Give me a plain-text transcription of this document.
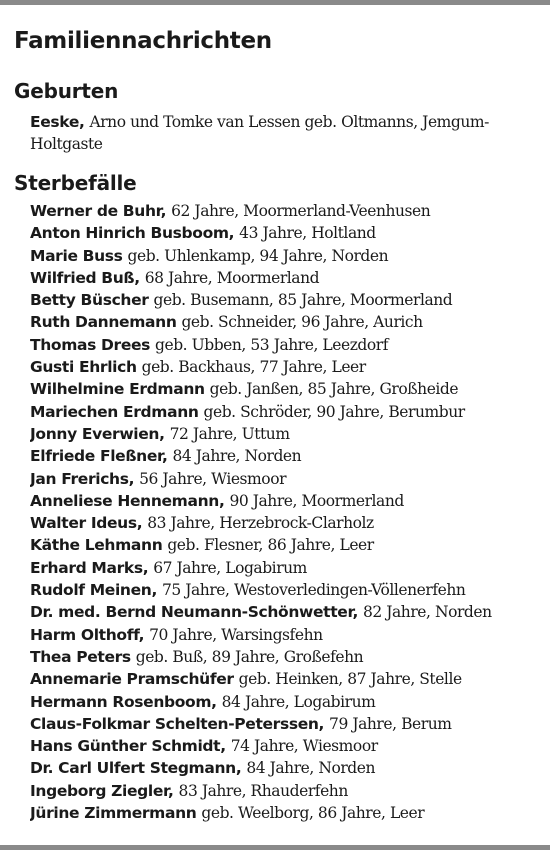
Familiennachrichten
Geburten
Eeske, Arno und Tomke van Lessen geb. Oltmanns, Jemgum-Holtgaste
Sterbefälle
Werner de Buhr, 62 Jahre, Moormerland-Veenhusen
Anton Hinrich Busboom, 43 Jahre, Holtland
Marie Buss geb. Uhlenkamp, 94 Jahre, Norden
Wilfried Buß, 68 Jahre, Moormerland
Betty Büscher geb. Busemann, 85 Jahre, Moormerland
Ruth Dannemann geb. Schneider, 96 Jahre, Aurich
Thomas Drees geb. Ubben, 53 Jahre, Leezdorf
Gusti Ehrlich geb. Backhaus, 77 Jahre, Leer
Wilhelmine Erdmann geb. Janßen, 85 Jahre, Großheide
Mariechen Erdmann geb. Schröder, 90 Jahre, Berumbur
Jonny Everwien, 72 Jahre, Uttum
Elfriede Fleßner, 84 Jahre, Norden
Jan Frerichs, 56 Jahre, Wiesmoor
Anneliese Hennemann, 90 Jahre, Moormerland
Walter Ideus, 83 Jahre, Herzebrock-Clarholz
Käthe Lehmann geb. Flesner, 86 Jahre, Leer
Erhard Marks, 67 Jahre, Logabirum
Rudolf Meinen, 75 Jahre, Westoverledingen-Völlenerfehn
Dr. med. Bernd Neumann-Schönwetter, 82 Jahre, Norden
Harm Olthoff, 70 Jahre, Warsingsfehn
Thea Peters geb. Buß, 89 Jahre, Großefehn
Annemarie Pramschüfer geb. Heinken, 87 Jahre, Stelle
Hermann Rosenboom, 84 Jahre, Logabirum
Claus-Folkmar Schelten-Peterssen, 79 Jahre, Berum
Hans Günther Schmidt, 74 Jahre, Wiesmoor
Dr. Carl Ulfert Stegmann, 84 Jahre, Norden
Ingeborg Ziegler, 83 Jahre, Rhauderfehn
Jürine Zimmermann geb. Weelborg, 86 Jahre, Leer
